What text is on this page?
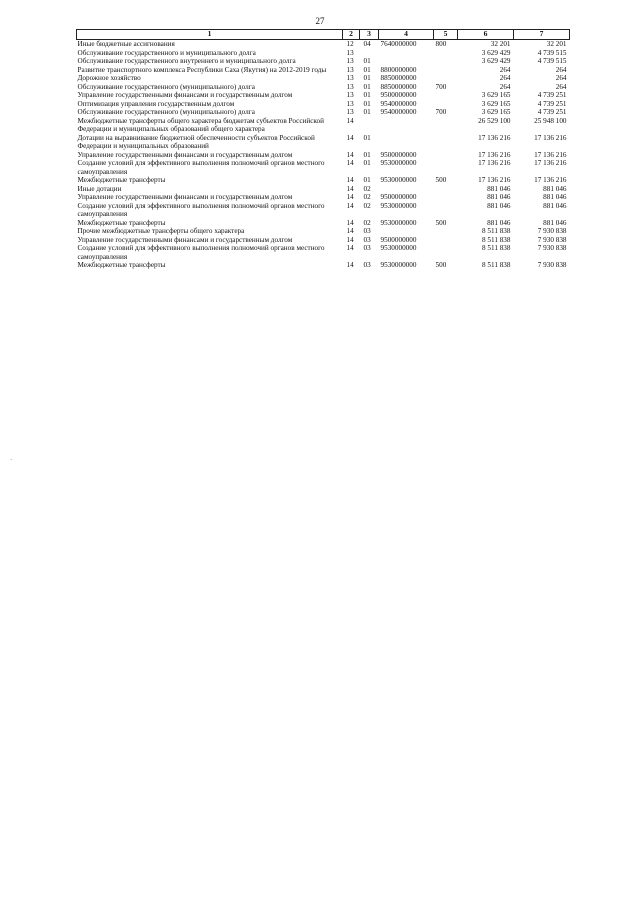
27
1	2	3	4	5	6	7
Иные бюджетные ассигнования	12	04	7640000000	800	32 201	32 201
Обслуживание государственного и муниципального долга	13				3 629 429	4 739 515
Обслуживание государственного внутреннего и муниципального долга	13	01			3 629 429	4 739 515
Развитие транспортного комплекса Республики Саха (Якутия) на 2012-2019 годы	13	01	8800000000		264	264
Дорожное хозяйство	13	01	8850000000		264	264
Обслуживание государственного (муниципального) долга	13	01	8850000000	700	264	264
Управление государственными финансами и государственным долгом	13	01	9500000000		3 629 165	4 739 251
Оптимизация управления государственным долгом	13	01	9540000000		3 629 165	4 739 251
Обслуживание государственного (муниципального) долга	13	01	9540000000	700	3 629 165	4 739 251
Межбюджетные трансферты общего характера бюджетам субъектов Российской Федерации и муниципальных образований общего характера	14				26 529 100	25 948 100
Дотации на выравнивание бюджетной обеспеченности субъектов Российской Федерации и муниципальных образований	14	01			17 136 216	17 136 216
Управление государственными финансами и государственным долгом	14	01	9500000000		17 136 216	17 136 216
Создание условий для эффективного выполнения полномочий органов местного самоуправления	14	01	9530000000		17 136 216	17 136 216
Межбюджетные трансферты	14	01	9530000000	500	17 136 216	17 136 216
Иные дотации	14	02			881 046	881 046
Управление государственными финансами и государственным долгом	14	02	9500000000		881 046	881 046
Создание условий для эффективного выполнения полномочий органов местного самоуправления	14	02	9530000000		881 046	881 046
Межбюджетные трансферты	14	02	9530000000	500	881 046	881 046
Прочие межбюджетные трансферты общего характера	14	03			8 511 838	7 930 838
Управление государственными финансами и государственным долгом	14	03	9500000000		8 511 838	7 930 838
Создание условий для эффективного выполнения полномочий органов местного самоуправления	14	03	9530000000		8 511 838	7 930 838
Межбюджетные трансферты	14	03	9530000000	500	8 511 838	7 930 838
·
